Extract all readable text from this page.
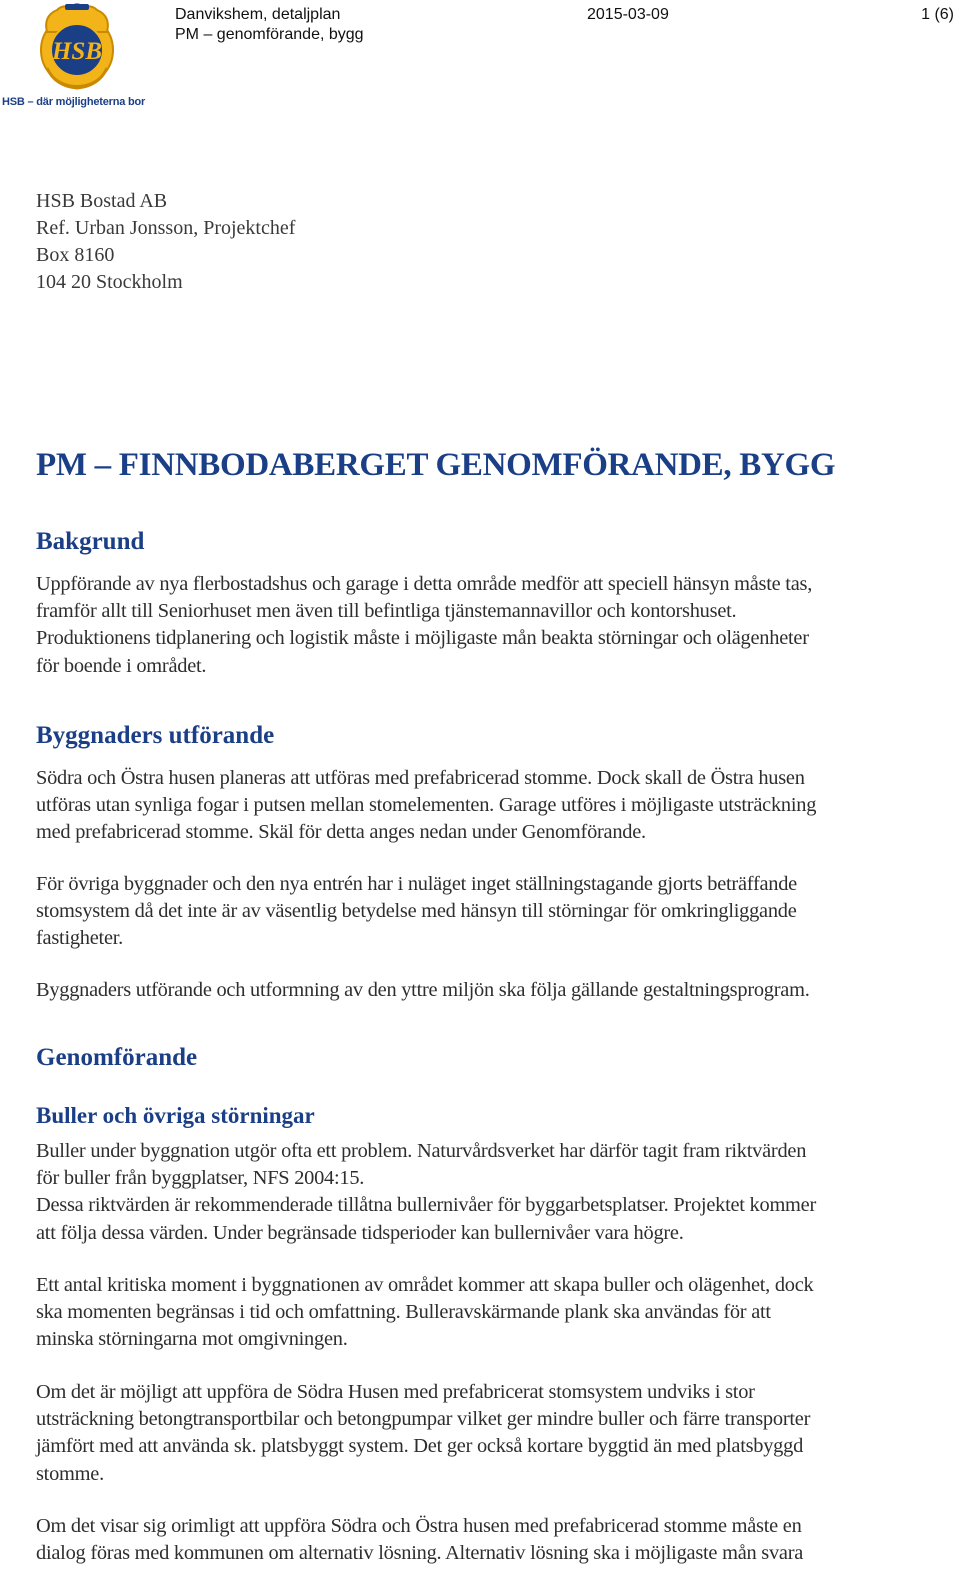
HSB
HSB – där möjligheterna bor
Danvikshem, detaljplan
PM – genomförande, bygg
2015-03-09	1 (6)
HSB Bostad AB
Ref. Urban Jonsson, Projektchef
Box 8160
104 20 Stockholm
PM – FINNBODABERGET GENOMFÖRANDE, BYGG
Bakgrund
Uppförande av nya flerbostadshus och garage i detta område medför att speciell hänsyn måste tas,
framför allt till Seniorhuset men även till befintliga tjänstemannavillor och kontorshuset.
Produktionens tidplanering och logistik måste i möjligaste mån beakta störningar och olägenheter
för boende i området.
Byggnaders utförande
Södra och Östra husen planeras att utföras med prefabricerad stomme. Dock skall de Östra husen
utföras utan synliga fogar i putsen mellan stomelementen. Garage utföres i möjligaste utsträckning
med prefabricerad stomme. Skäl för detta anges nedan under Genomförande.
För övriga byggnader och den nya entrén har i nuläget inget ställningstagande gjorts beträffande
stomsystem då det inte är av väsentlig betydelse med hänsyn till störningar för omkringliggande
fastigheter.
Byggnaders utförande och utformning av den yttre miljön ska följa gällande gestaltningsprogram.
Genomförande
Buller och övriga störningar
Buller under byggnation utgör ofta ett problem. Naturvårdsverket har därför tagit fram riktvärden
för buller från byggplatser, NFS 2004:15.
Dessa riktvärden är rekommenderade tillåtna bullernivåer för byggarbetsplatser. Projektet kommer
att följa dessa värden. Under begränsade tidsperioder kan bullernivåer vara högre.
Ett antal kritiska moment i byggnationen av området kommer att skapa buller och olägenhet, dock
ska momenten begränsas i tid och omfattning. Bulleravskärmande plank ska användas för att
minska störningarna mot omgivningen.
Om det är möjligt att uppföra de Södra Husen med prefabricerat stomsystem undviks i stor
utsträckning betongtransportbilar och betongpumpar vilket ger mindre buller och färre transporter
jämfört med att använda sk. platsbyggt system. Det ger också kortare byggtid än med platsbyggd
stomme.
Om det visar sig orimligt att uppföra Södra och Östra husen med prefabricerad stomme måste en
dialog föras med kommunen om alternativ lösning. Alternativ lösning ska i möjligaste mån svara
